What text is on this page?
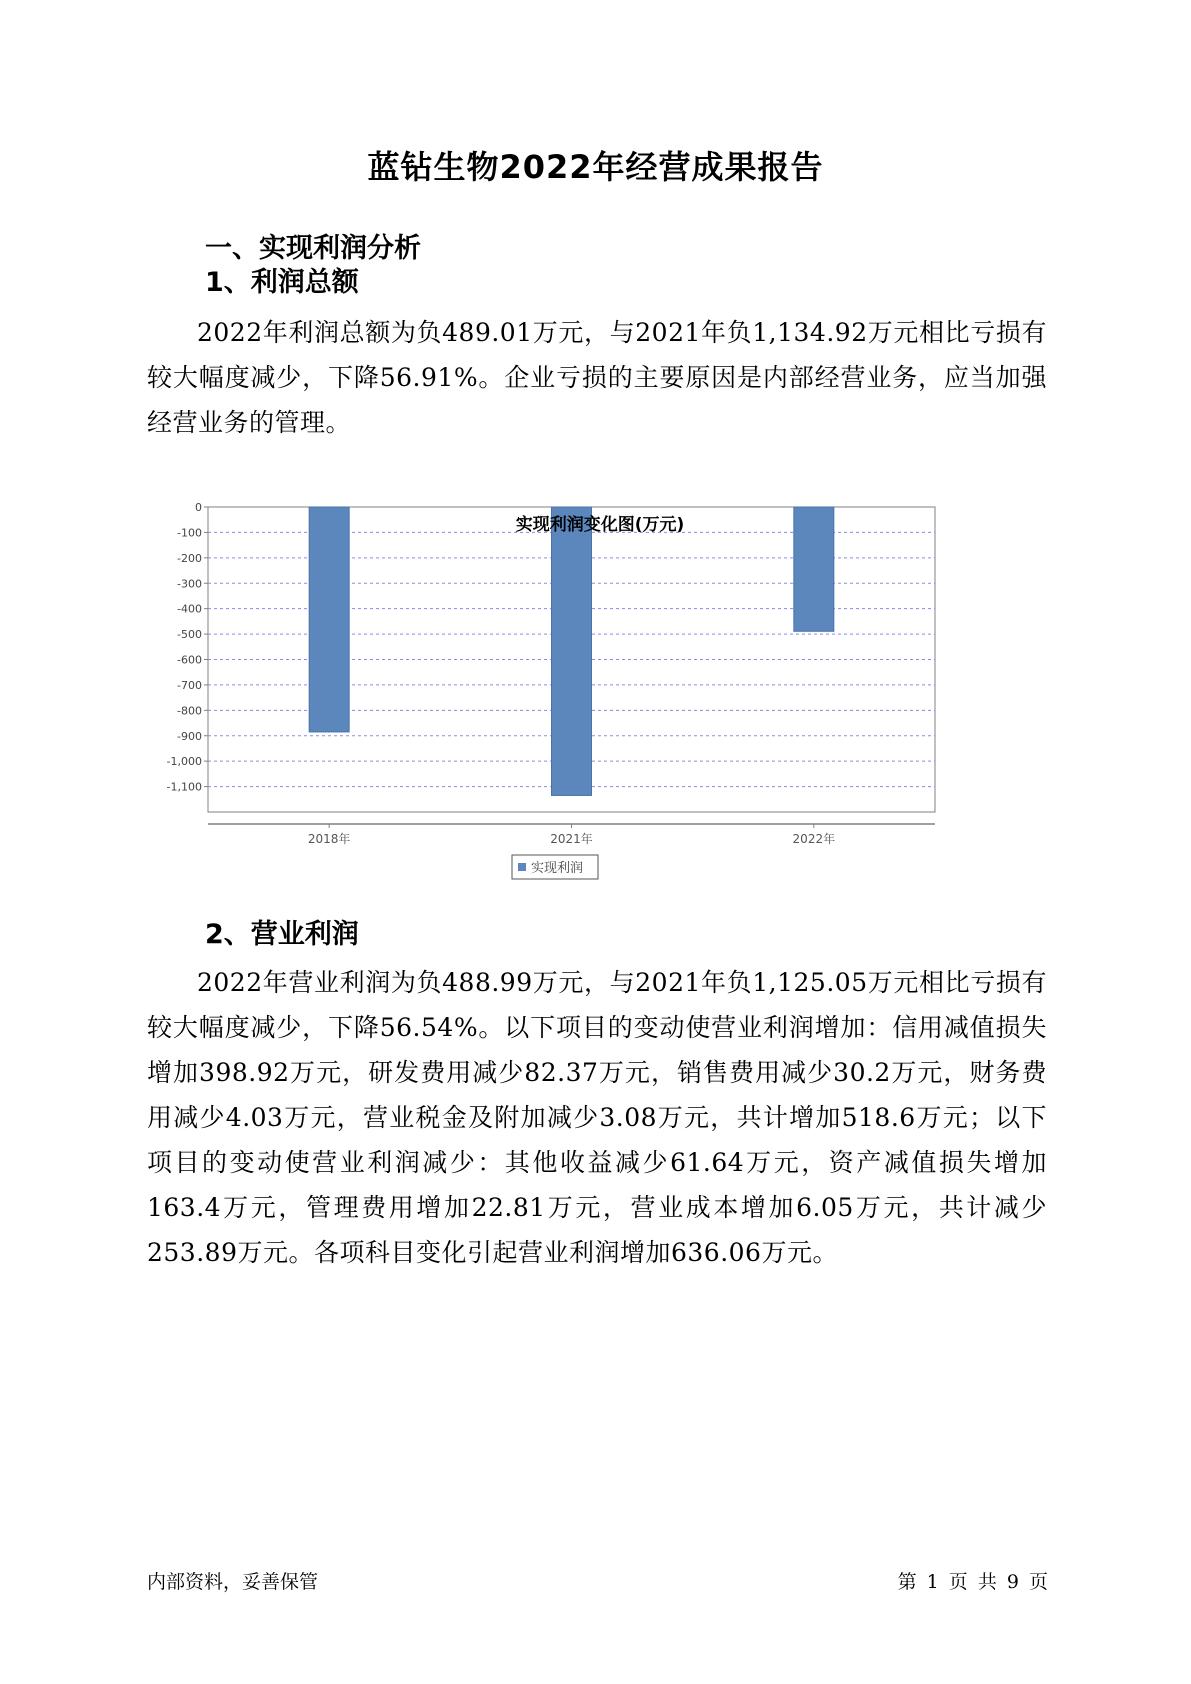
蓝钻生物2022年经营成果报告
一、实现利润分析
1、利润总额
2022年利润总额为负489.01万元，与2021年负1,134.92万元相比亏损有较大幅度减少，下降56.91%。企业亏损的主要原因是内部经营业务，应当加强经营业务的管理。
实现利润变化图(万元)
0
-100
-200
-300
-400
-500
-600
-700
-800
-900
-1,000
-1,100
2018年	2021年	2022年
实现利润
2、营业利润
2022年营业利润为负488.99万元，与2021年负1,125.05万元相比亏损有较大幅度减少，下降56.54%。以下项目的变动使营业利润增加：信用减值损失增加398.92万元，研发费用减少82.37万元，销售费用减少30.2万元，财务费用减少4.03万元，营业税金及附加减少3.08万元，共计增加518.6万元；以下项目的变动使营业利润减少：其他收益减少61.64万元，资产减值损失增加163.4万元，管理费用增加22.81万元，营业成本增加6.05万元，共计减少253.89万元。各项科目变化引起营业利润增加636.06万元。
内部资料，妥善保管	第 1 页 共 9 页
